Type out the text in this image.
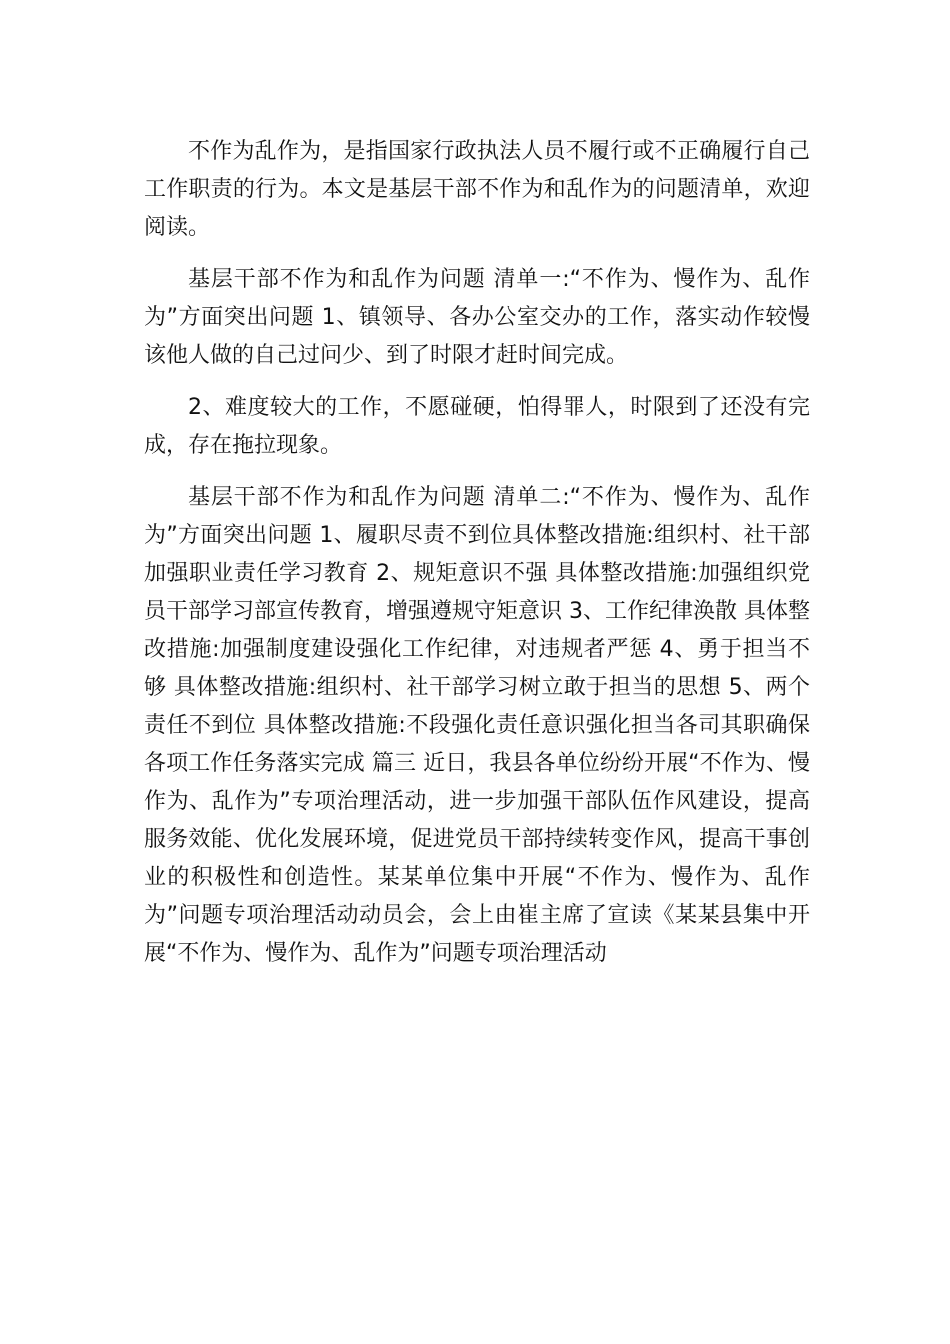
不作为乱作为，是指国家行政执法人员不履行或不正确履行自己工作职责的行为。本文是基层干部不作为和乱作为的问题清单，欢迎阅读。

基层干部不作为和乱作为问题 清单一:“不作为、慢作为、乱作为”方面突出问题 1、镇领导、各办公室交办的工作，落实动作较慢该他人做的自己过问少、到了时限才赶时间完成。

2、难度较大的工作，不愿碰硬，怕得罪人，时限到了还没有完成，存在拖拉现象。

基层干部不作为和乱作为问题 清单二:“不作为、慢作为、乱作为”方面突出问题 1、履职尽责不到位具体整改措施:组织村、社干部加强职业责任学习教育 2、规矩意识不强 具体整改措施:加强组织党员干部学习部宣传教育，增强遵规守矩意识 3、工作纪律涣散 具体整改措施:加强制度建设强化工作纪律，对违规者严惩 4、勇于担当不够 具体整改措施:组织村、社干部学习树立敢于担当的思想 5、两个责任不到位 具体整改措施:不段强化责任意识强化担当各司其职确保各项工作任务落实完成 篇三 近日，我县各单位纷纷开展“不作为、慢作为、乱作为”专项治理活动，进一步加强干部队伍作风建设，提高服务效能、优化发展环境，促进党员干部持续转变作风，提高干事创业的积极性和创造性。某某单位集中开展“不作为、慢作为、乱作为”问题专项治理活动动员会，会上由崔主席了宣读《某某县集中开展“不作为、慢作为、乱作为”问题专项治理活动
